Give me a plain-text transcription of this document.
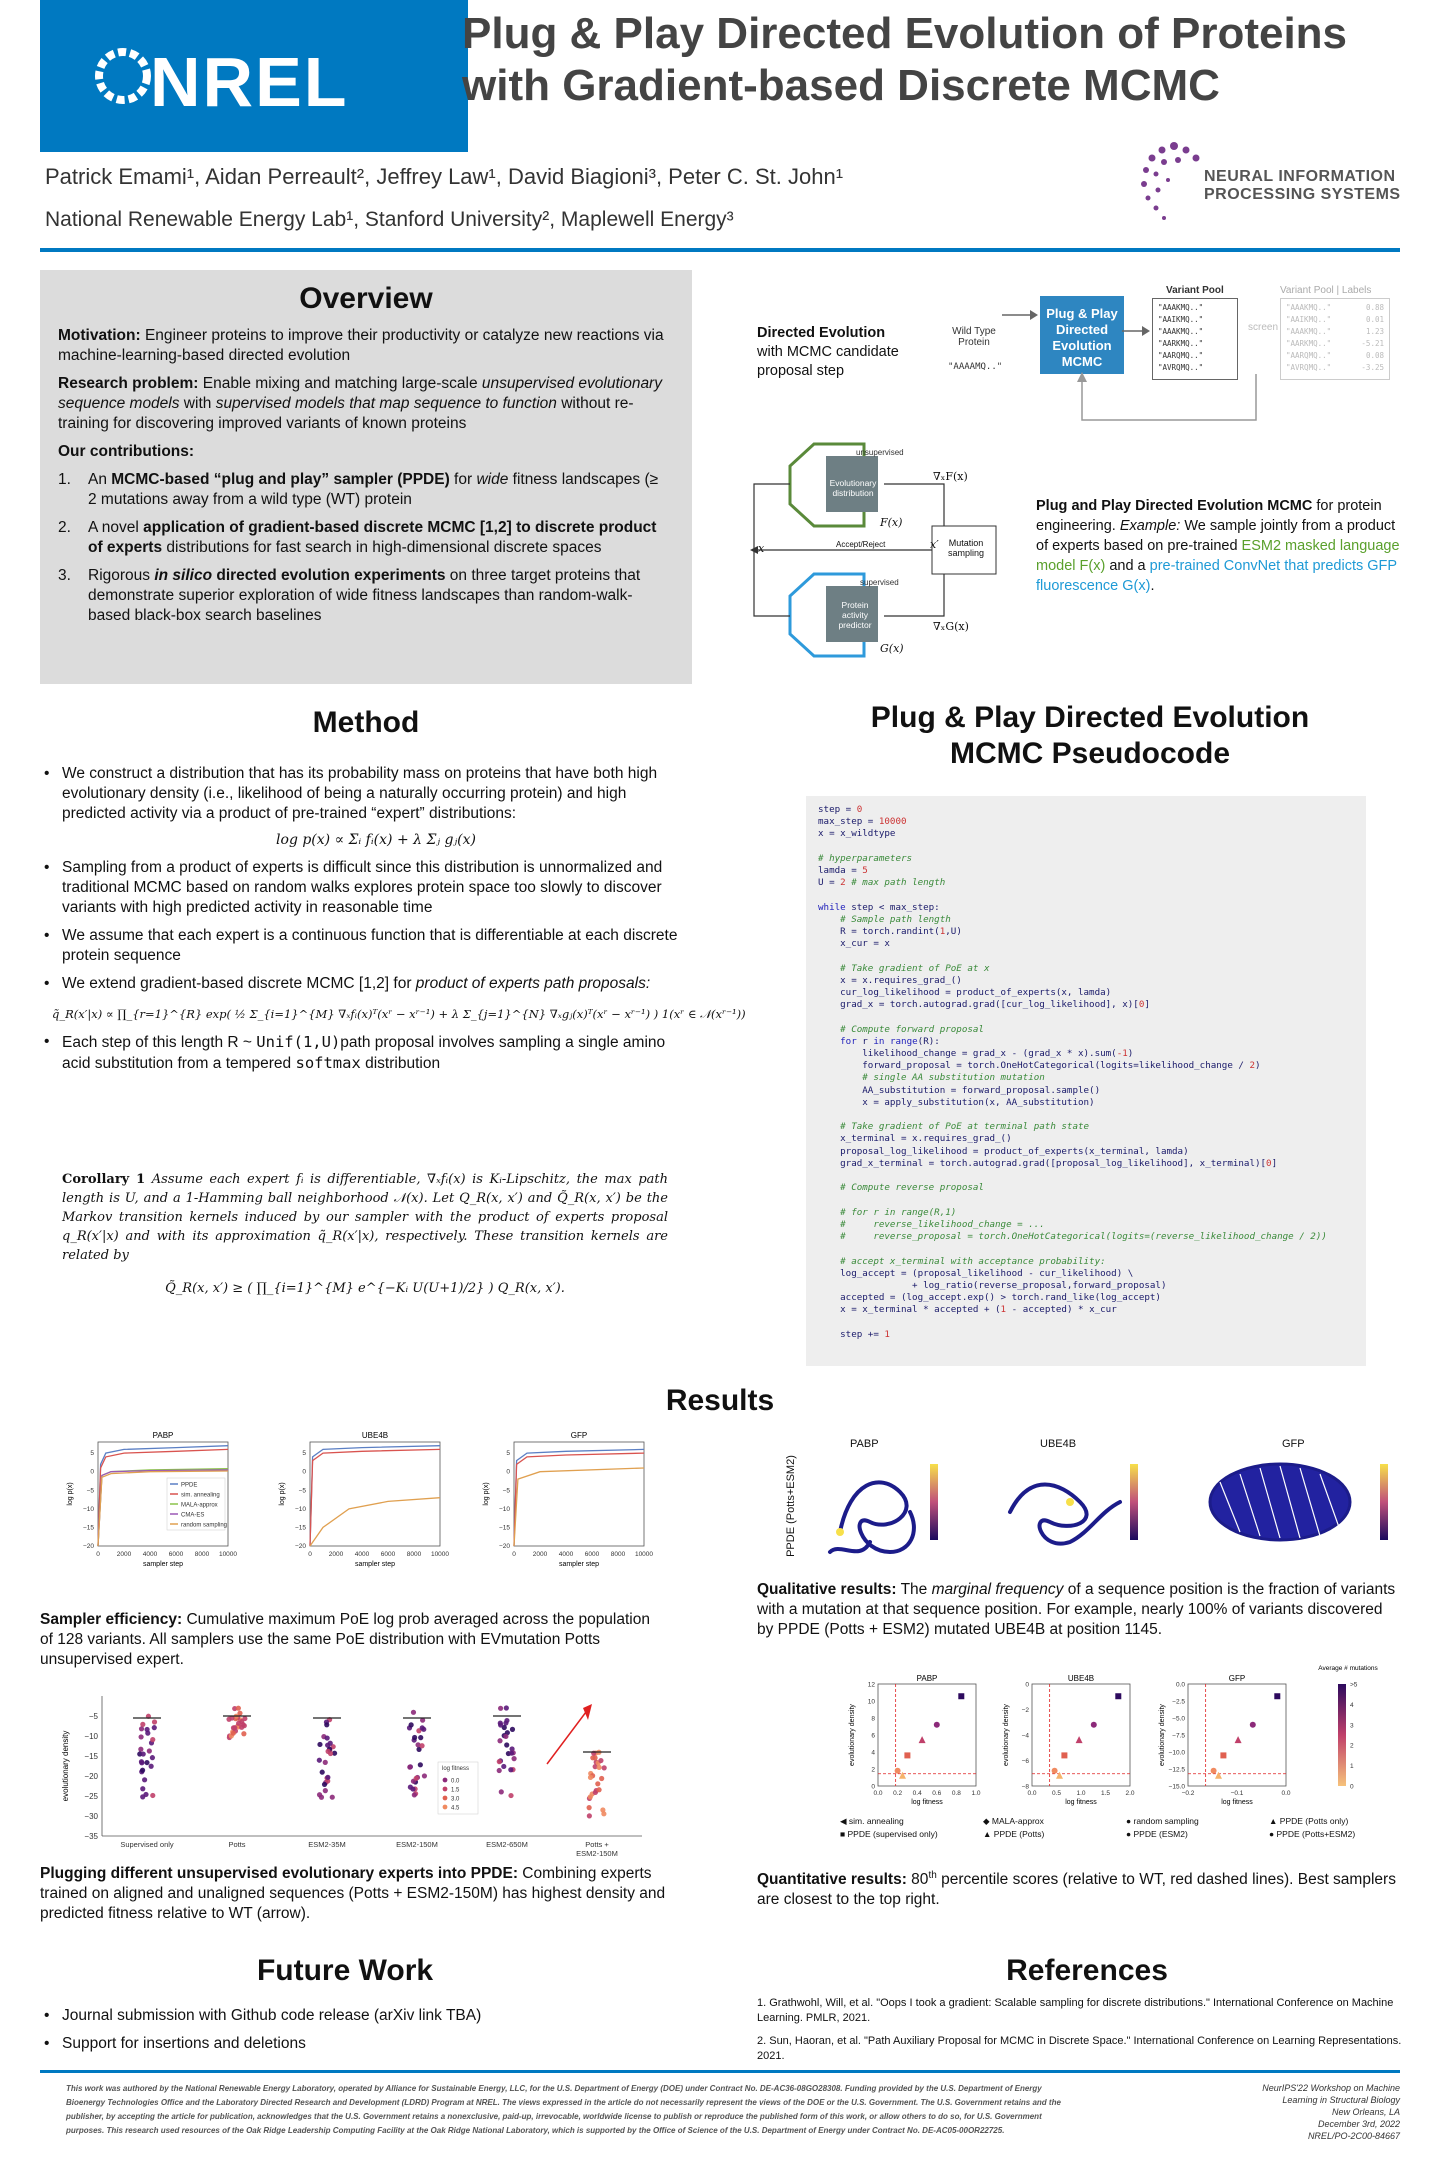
NREL
Plug & Play Directed Evolution of Proteins
with Gradient-based Discrete MCMC
Patrick Emami¹, Aidan Perreault², Jeffrey Law¹, David Biagioni³, Peter C. St. John¹
National Renewable Energy Lab¹, Stanford University², Maplewell Energy³
NEURAL INFORMATION
PROCESSING SYSTEMS
Overview

Motivation: Engineer proteins to improve their productivity or catalyze new reactions via machine-learning-based directed evolution

Research problem: Enable mixing and matching large-scale unsupervised evolutionary sequence models with supervised models that map sequence to function without re-training for discovering improved variants of known proteins

Our contributions:

1. An MCMC-based “plug and play” sampler (PPDE) for wide fitness landscapes (≥ 2 mutations away from a wild type (WT) protein
2. A novel application of gradient-based discrete MCMC [1,2] to discrete product of experts distributions for fast search in high-dimensional discrete spaces
3. Rigorous in silico directed evolution experiments on three target proteins that demonstrate superior exploration of wide fitness landscapes than random-walk-based black-box search baselines
Directed Evolution with MCMC candidate proposal step
Wild Type Protein
"AAAAMQ.."
Plug & Play Directed Evolution MCMC
Variant Pool
"AAAKMQ.."
"AAIKMQ.."
"AAAKMQ.."
"AARKMQ.."
"AARQMQ.."
"AVRQMQ.."
screen
Variant Pool | Labels
"AAAKMQ.."	0.88
"AAIKMQ.."	0.01
"AAAKMQ.."	1.23
"AARKMQ.."	-5.21
"AARQMQ.."	0.08
"AVRQMQ.."	-3.25
unsupervised
Evolutionary distribution
F(x)
∇ₓF(x)
Accept/Reject	x′
x	Mutation sampling
supervised
Protein activity predictor
G(x)
∇ₓG(x)
Plug and Play Directed Evolution MCMC for protein engineering. Example: We sample jointly from a product of experts based on pre-trained ESM2 masked language model F(x) and a pre-trained ConvNet that predicts GFP fluorescence G(x).
Method
• We construct a distribution that has its probability mass on proteins that have both high evolutionary density (i.e., likelihood of being a naturally occurring protein) and high predicted activity via a product of pre-trained “expert” distributions:
log p(x) ∝ Σᵢ fᵢ(x) + λ Σⱼ gⱼ(x)
• Sampling from a product of experts is difficult since this distribution is unnormalized and traditional MCMC based on random walks explores protein space too slowly to discover variants with high predicted activity in reasonable time
• We assume that each expert is a continuous function that is differentiable at each discrete protein sequence
• We extend gradient-based discrete MCMC [1,2] for product of experts path proposals:
q̃_R(x′|x) ∝ ∏_{r=1}^{R} exp( ½ Σ_{i=1}^{M} ∇ₓfᵢ(x)ᵀ(xʳ − xʳ⁻¹) + λ Σ_{j=1}^{N} ∇ₓgⱼ(x)ᵀ(xʳ − xʳ⁻¹) ) 1(xʳ ∈ 𝒩(xʳ⁻¹))
• Each step of this length R ~ Unif(1,U)path proposal involves sampling a single amino acid substitution from a tempered softmax distribution
Corollary 1 Assume each expert fᵢ is differentiable, ∇ₓfᵢ(x) is Kᵢ-Lipschitz, the max path length is U, and a 1-Hamming ball neighborhood 𝒩(x). Let Q_R(x, x′) and Q̃_R(x, x′) be the Markov transition kernels induced by our sampler with the product of experts proposal q_R(x′|x) and with its approximation q̃_R(x′|x), respectively. These transition kernels are related by
Q̃_R(x, x′) ≥ ( ∏_{i=1}^{M} e^{−Kᵢ U(U+1)/2} ) Q_R(x, x′).
Plug & Play Directed Evolution
MCMC Pseudocode
step = 0
max_step = 10000
x = x_wildtype

# hyperparameters
lamda = 5
U = 2 # max path length

while step < max_step:
# Sample path length
R = torch.randint(1,U)
x_cur = x

# Take gradient of PoE at x
x = x.requires_grad_()
cur_log_likelihood = product_of_experts(x, lamda)
grad_x = torch.autograd.grad([cur_log_likelihood], x)[0]

# Compute forward proposal
for r in range(R):
likelihood_change = grad_x - (grad_x * x).sum(-1)
forward_proposal = torch.OneHotCategorical(logits=likelihood_change / 2)
# single AA substitution mutation
AA_substitution = forward_proposal.sample()
x = apply_substitution(x, AA_substitution)

# Take gradient of PoE at terminal path state
x_terminal = x.requires_grad_()
proposal_log_likelihood = product_of_experts(x_terminal, lamda)
grad_x_terminal = torch.autograd.grad([proposal_log_likelihood], x_terminal)[0]

# Compute reverse proposal

# for r in range(R,1)
#     reverse_likelihood_change = ...
#     reverse_proposal = torch.OneHotCategorical(logits=(reverse_likelihood_change / 2))

# accept x_terminal with acceptance probability:
log_accept = (proposal_likelihood - cur_likelihood) \
+ log_ratio(reverse_proposal,forward_proposal)
accepted = (log_accept.exp() > torch.rand_like(log_accept)
x = x_terminal * accepted + (1 - accepted) * x_cur

step += 1
Results
PABP
0	2000 4000 6000 8000 10000
5
0
−5
−10
−15
−20
sampler step
log p(x)	PPDE
sim. annealing
MALA-approx
CMA-ES
random sampling
UBE4B
0	2000 4000 6000 8000 10000
5
0
−5
−10
−15
−20
sampler step
log p(x)
GFP
0	2000 4000 6000 8000 10000
5
0
−5
−10
−15
−20
sampler step
log p(x)
Sampler efficiency: Cumulative maximum PoE log prob averaged across the population of 128 variants. All samplers use the same PoE distribution with EVmutation Potts unsupervised expert.
−5
−10
−15
−20
−25
−30
−35
evolutionary density
Supervised only	Potts	ESM2-35M	ESM2-150M	ESM2-650M	Potts +
ESM2-150M
log fitness
0.0
1.5
3.0
4.5
Plugging different unsupervised evolutionary experts into PPDE: Combining experts trained on aligned and unaligned sequences (Potts + ESM2-150M) has highest density and predicted fitness relative to WT (arrow).
PPDE (Potts+ESM2)
PABP	UBE4B	GFP
Qualitative results: The marginal frequency of a sequence position is the fraction of variants with a mutation at that sequence position. For example, nearly 100% of variants discovered by PPDE (Potts + ESM2) mutated UBE4B at position 1145.
PABP
0.0 0.2 0.4 0.6 0.8 1.0
12
10
8
6
4
2
0
log fitness
evolutionary density
UBE4B
0.0 0.5 1.0 1.5 2.0
0
−2
−4
−6
−8
log fitness
evolutionary density
GFP
−0.2	−0.1	0.0
0.0
−2.5
−5.0
−7.5
−10.0
−12.5
−15.0
log fitness
evolutionary density
Average # mutations
>5
4
3
2
1
0
◀ sim. annealing	◆ MALA-approx	● random sampling	▲ PPDE (Potts only)
■ PPDE (supervised only)	▲ PPDE (Potts)	● PPDE (ESM2)	● PPDE (Potts+ESM2)
Quantitative results: 80th percentile scores (relative to WT, red dashed lines). Best samplers are closest to the top right.
Future Work
• Journal submission with Github code release (arXiv link TBA)
• Support for insertions and deletions
References

1. Grathwohl, Will, et al. "Oops I took a gradient: Scalable sampling for discrete distributions." International Conference on Machine Learning. PMLR, 2021.

2. Sun, Haoran, et al. "Path Auxiliary Proposal for MCMC in Discrete Space." International Conference on Learning Representations. 2021.

This work was authored by the National Renewable Energy Laboratory, operated by Alliance for Sustainable Energy, LLC, for the U.S. Department of Energy (DOE) under Contract No. DE-AC36-08GO28308. Funding provided by the U.S. Department of Energy Bioenergy Technologies Office and the Laboratory Directed Research and Development (LDRD) Program at NREL. The views expressed in the article do not necessarily represent the views of the DOE or the U.S. Government. The U.S. Government retains and the publisher, by accepting the article for publication, acknowledges that the U.S. Government retains a nonexclusive, paid-up, irrevocable, worldwide license to publish or reproduce the published form of this work, or allow others to do so, for U.S. Government purposes. This research used resources of the Oak Ridge Leadership Computing Facility at the Oak Ridge National Laboratory, which is supported by the Office of Science of the U.S. Department of Energy under Contract No. DE-AC05-00OR22725.
NeurIPS'22 Workshop on Machine
Learning in Structural Biology
New Orleans, LA
December 3rd, 2022
NREL/PO-2C00-84667
